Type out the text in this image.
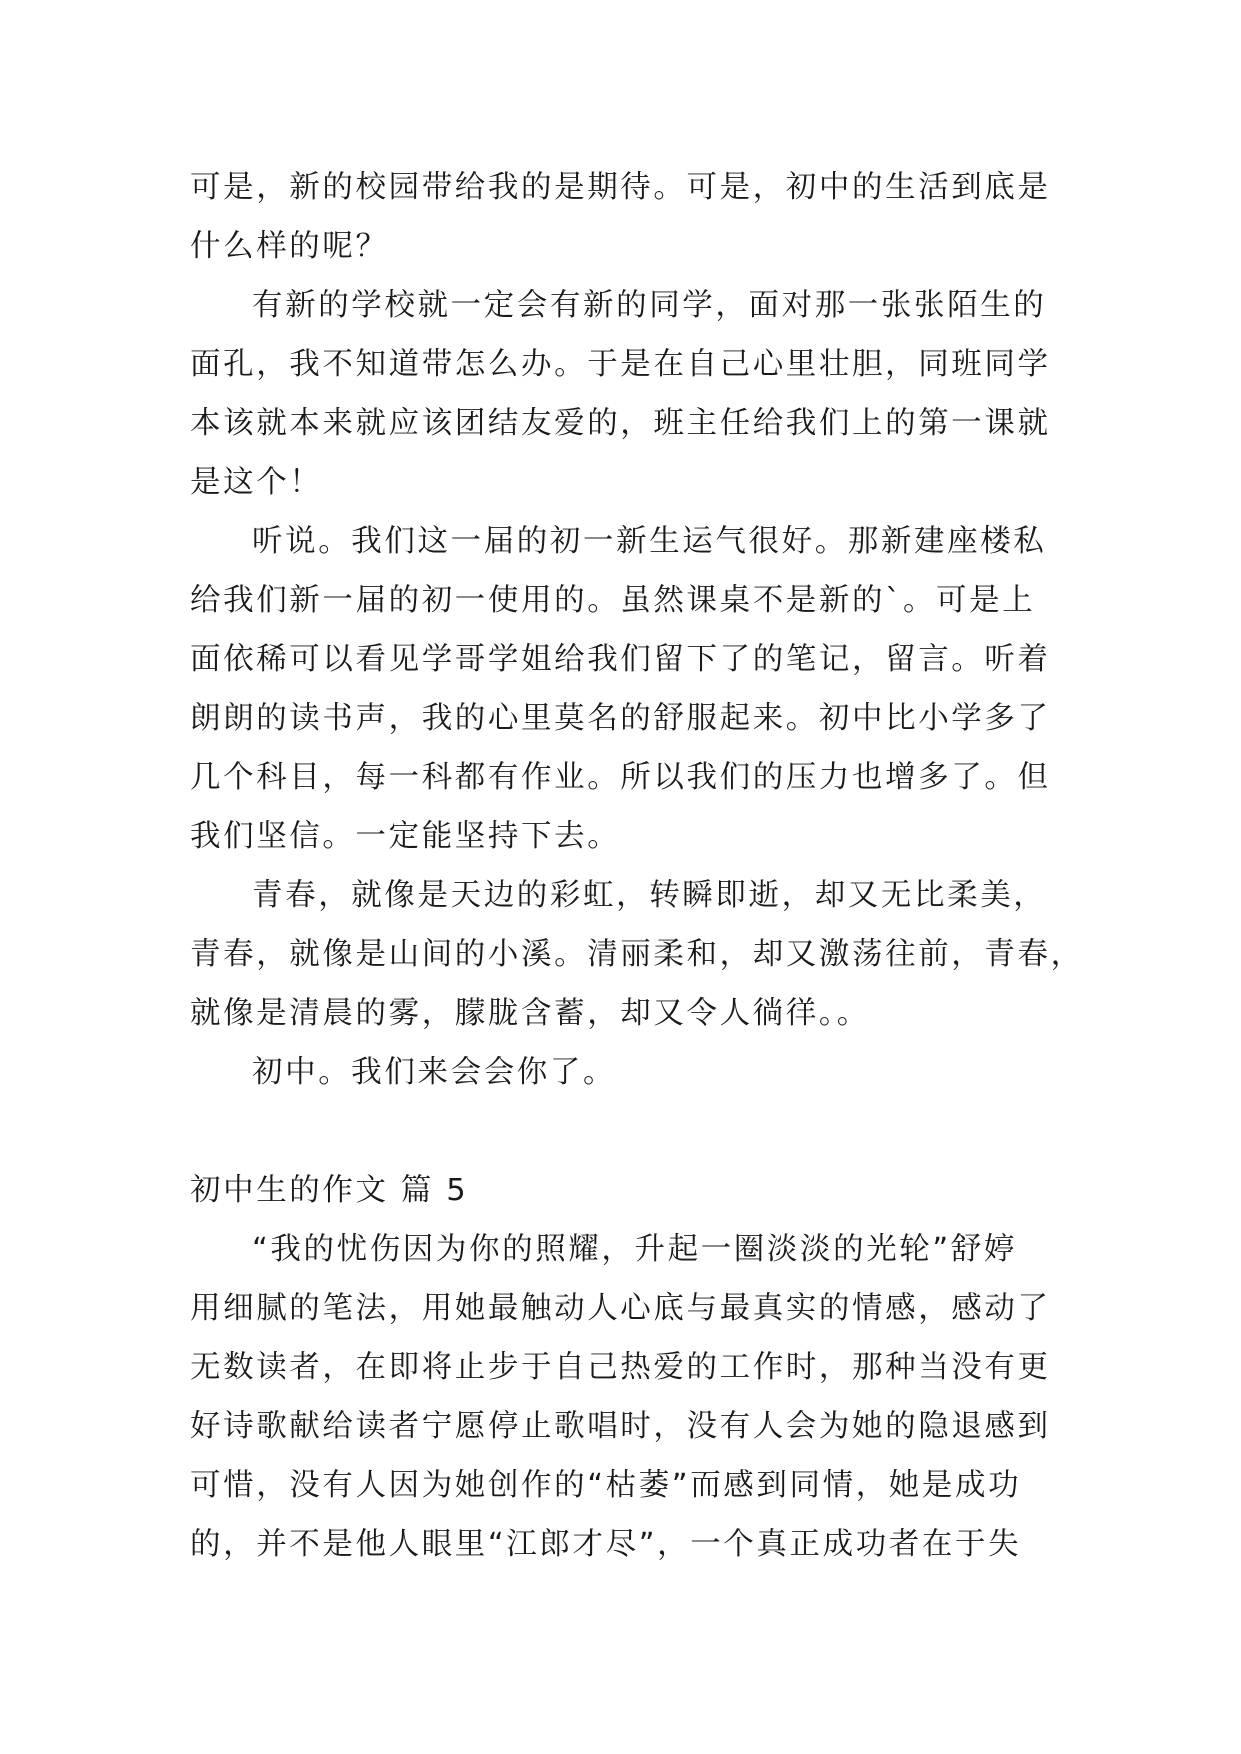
可是，新的校园带给我的是期待。可是，初中的生活到底是
什么样的呢？
有新的学校就一定会有新的同学，面对那一张张陌生的
面孔，我不知道带怎么办。于是在自己心里壮胆，同班同学
本该就本来就应该团结友爱的，班主任给我们上的第一课就
是这个！
听说。我们这一届的初一新生运气很好。那新建座楼私
给我们新一届的初一使用的。虽然课桌不是新的`。可是上
面依稀可以看见学哥学姐给我们留下了的笔记，留言。听着
朗朗的读书声，我的心里莫名的舒服起来。初中比小学多了
几个科目，每一科都有作业。所以我们的压力也增多了。但
我们坚信。一定能坚持下去。
青春，就像是天边的彩虹，转瞬即逝，却又无比柔美，
青春，就像是山间的小溪。清丽柔和，却又激荡往前，青春，
就像是清晨的雾，朦胧含蓄，却又令人徜徉。。
初中。我们来会会你了。
初中生的作文 篇 5
“我的忧伤因为你的照耀，升起一圈淡淡的光轮”舒婷
用细腻的笔法，用她最触动人心底与最真实的情感，感动了
无数读者，在即将止步于自己热爱的工作时，那种当没有更
好诗歌献给读者宁愿停止歌唱时，没有人会为她的隐退感到
可惜，没有人因为她创作的“枯萎”而感到同情，她是成功
的，并不是他人眼里“江郎才尽”，一个真正成功者在于失
